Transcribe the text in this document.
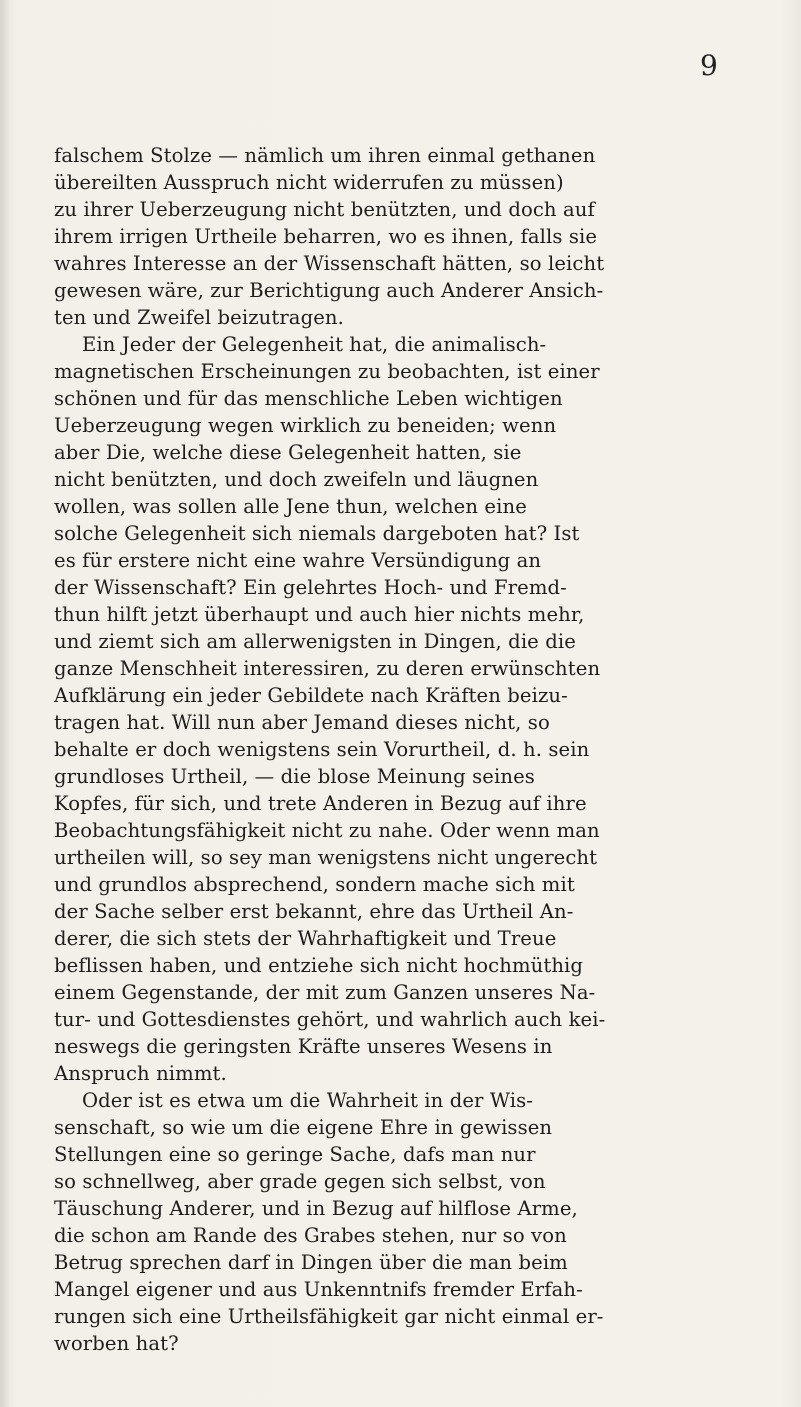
9
falschem Stolze — nämlich um ihren einmal gethanen
übereilten Ausspruch nicht widerrufen zu müssen)
zu ihrer Ueberzeugung nicht benützten, und doch auf
ihrem irrigen Urtheile beharren, wo es ihnen, falls sie
wahres Interesse an der Wissenschaft hätten, so leicht
gewesen wäre, zur Berichtigung auch Anderer Ansich-
ten und Zweifel beizutragen.
Ein Jeder der Gelegenheit hat, die animalisch-
magnetischen Erscheinungen zu beobachten, ist einer
schönen und für das menschliche Leben wichtigen
Ueberzeugung wegen wirklich zu beneiden; wenn
aber Die, welche diese Gelegenheit hatten, sie
nicht benützten, und doch zweifeln und läugnen
wollen, was sollen alle Jene thun, welchen eine
solche Gelegenheit sich niemals dargeboten hat? Ist
es für erstere nicht eine wahre Versündigung an
der Wissenschaft? Ein gelehrtes Hoch- und Fremd-
thun hilft jetzt überhaupt und auch hier nichts mehr,
und ziemt sich am allerwenigsten in Dingen, die die
ganze Menschheit interessiren, zu deren erwünschten
Aufklärung ein jeder Gebildete nach Kräften beizu-
tragen hat. Will nun aber Jemand dieses nicht, so
behalte er doch wenigstens sein Vorurtheil, d. h. sein
grundloses Urtheil, — die blose Meinung seines
Kopfes, für sich, und trete Anderen in Bezug auf ihre
Beobachtungsfähigkeit nicht zu nahe. Oder wenn man
urtheilen will, so sey man wenigstens nicht ungerecht
und grundlos absprechend, sondern mache sich mit
der Sache selber erst bekannt, ehre das Urtheil An-
derer, die sich stets der Wahrhaftigkeit und Treue
beflissen haben, und entziehe sich nicht hochmüthig
einem Gegenstande, der mit zum Ganzen unseres Na-
tur- und Gottesdienstes gehört, und wahrlich auch kei-
neswegs die geringsten Kräfte unseres Wesens in
Anspruch nimmt.
Oder ist es etwa um die Wahrheit in der Wis-
senschaft, so wie um die eigene Ehre in gewissen
Stellungen eine so geringe Sache, dafs man nur
so schnellweg, aber grade gegen sich selbst, von
Täuschung Anderer, und in Bezug auf hilflose Arme,
die schon am Rande des Grabes stehen, nur so von
Betrug sprechen darf in Dingen über die man beim
Mangel eigener und aus Unkenntnifs fremder Erfah-
rungen sich eine Urtheilsfähigkeit gar nicht einmal er-
worben hat?
